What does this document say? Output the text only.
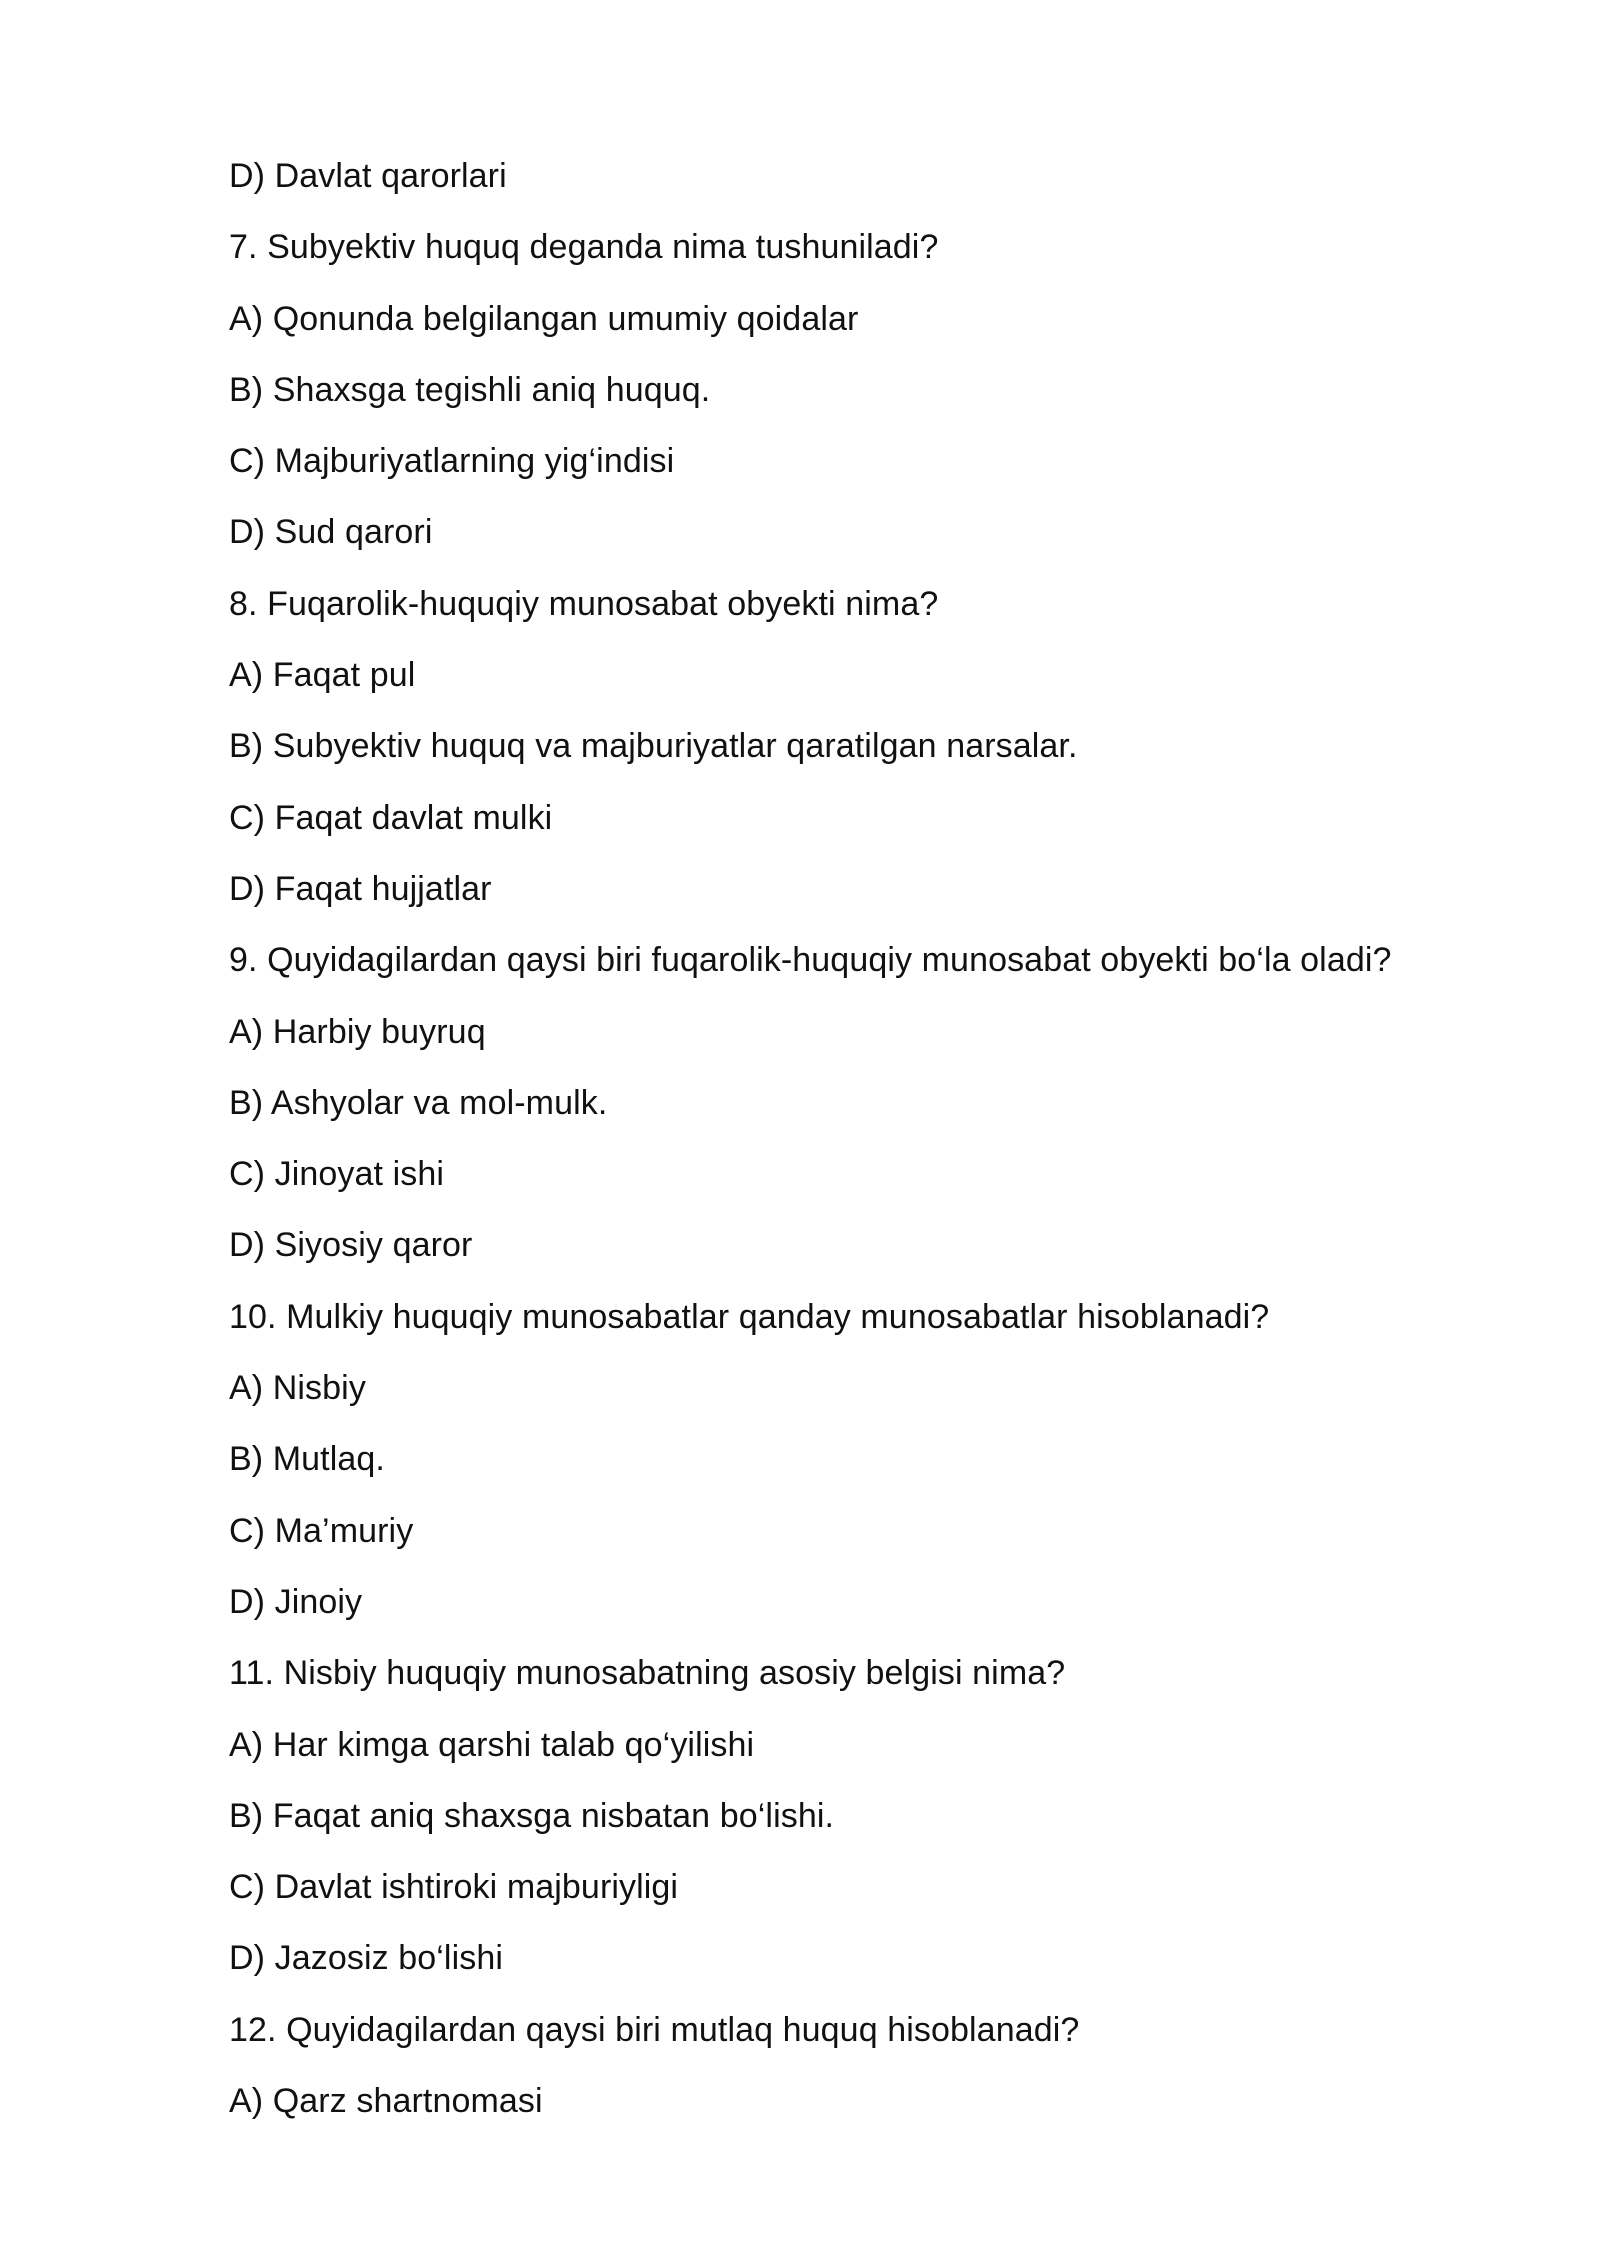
D) Davlat qarorlari
7. Subyektiv huquq deganda nima tushuniladi?
A) Qonunda belgilangan umumiy qoidalar
B) Shaxsga tegishli aniq huquq.
C) Majburiyatlarning yig‘indisi
D) Sud qarori
8. Fuqarolik-huquqiy munosabat obyekti nima?
A) Faqat pul
B) Subyektiv huquq va majburiyatlar qaratilgan narsalar.
C) Faqat davlat mulki
D) Faqat hujjatlar
9. Quyidagilardan qaysi biri fuqarolik-huquqiy munosabat obyekti bo‘la oladi?
A) Harbiy buyruq
B) Ashyolar va mol-mulk.
C) Jinoyat ishi
D) Siyosiy qaror
10. Mulkiy huquqiy munosabatlar qanday munosabatlar hisoblanadi?
A) Nisbiy
B) Mutlaq.
C) Ma’muriy
D) Jinoiy
11. Nisbiy huquqiy munosabatning asosiy belgisi nima?
A) Har kimga qarshi talab qo‘yilishi
B) Faqat aniq shaxsga nisbatan bo‘lishi.
C) Davlat ishtiroki majburiyligi
D) Jazosiz bo‘lishi
12. Quyidagilardan qaysi biri mutlaq huquq hisoblanadi?
A) Qarz shartnomasi
